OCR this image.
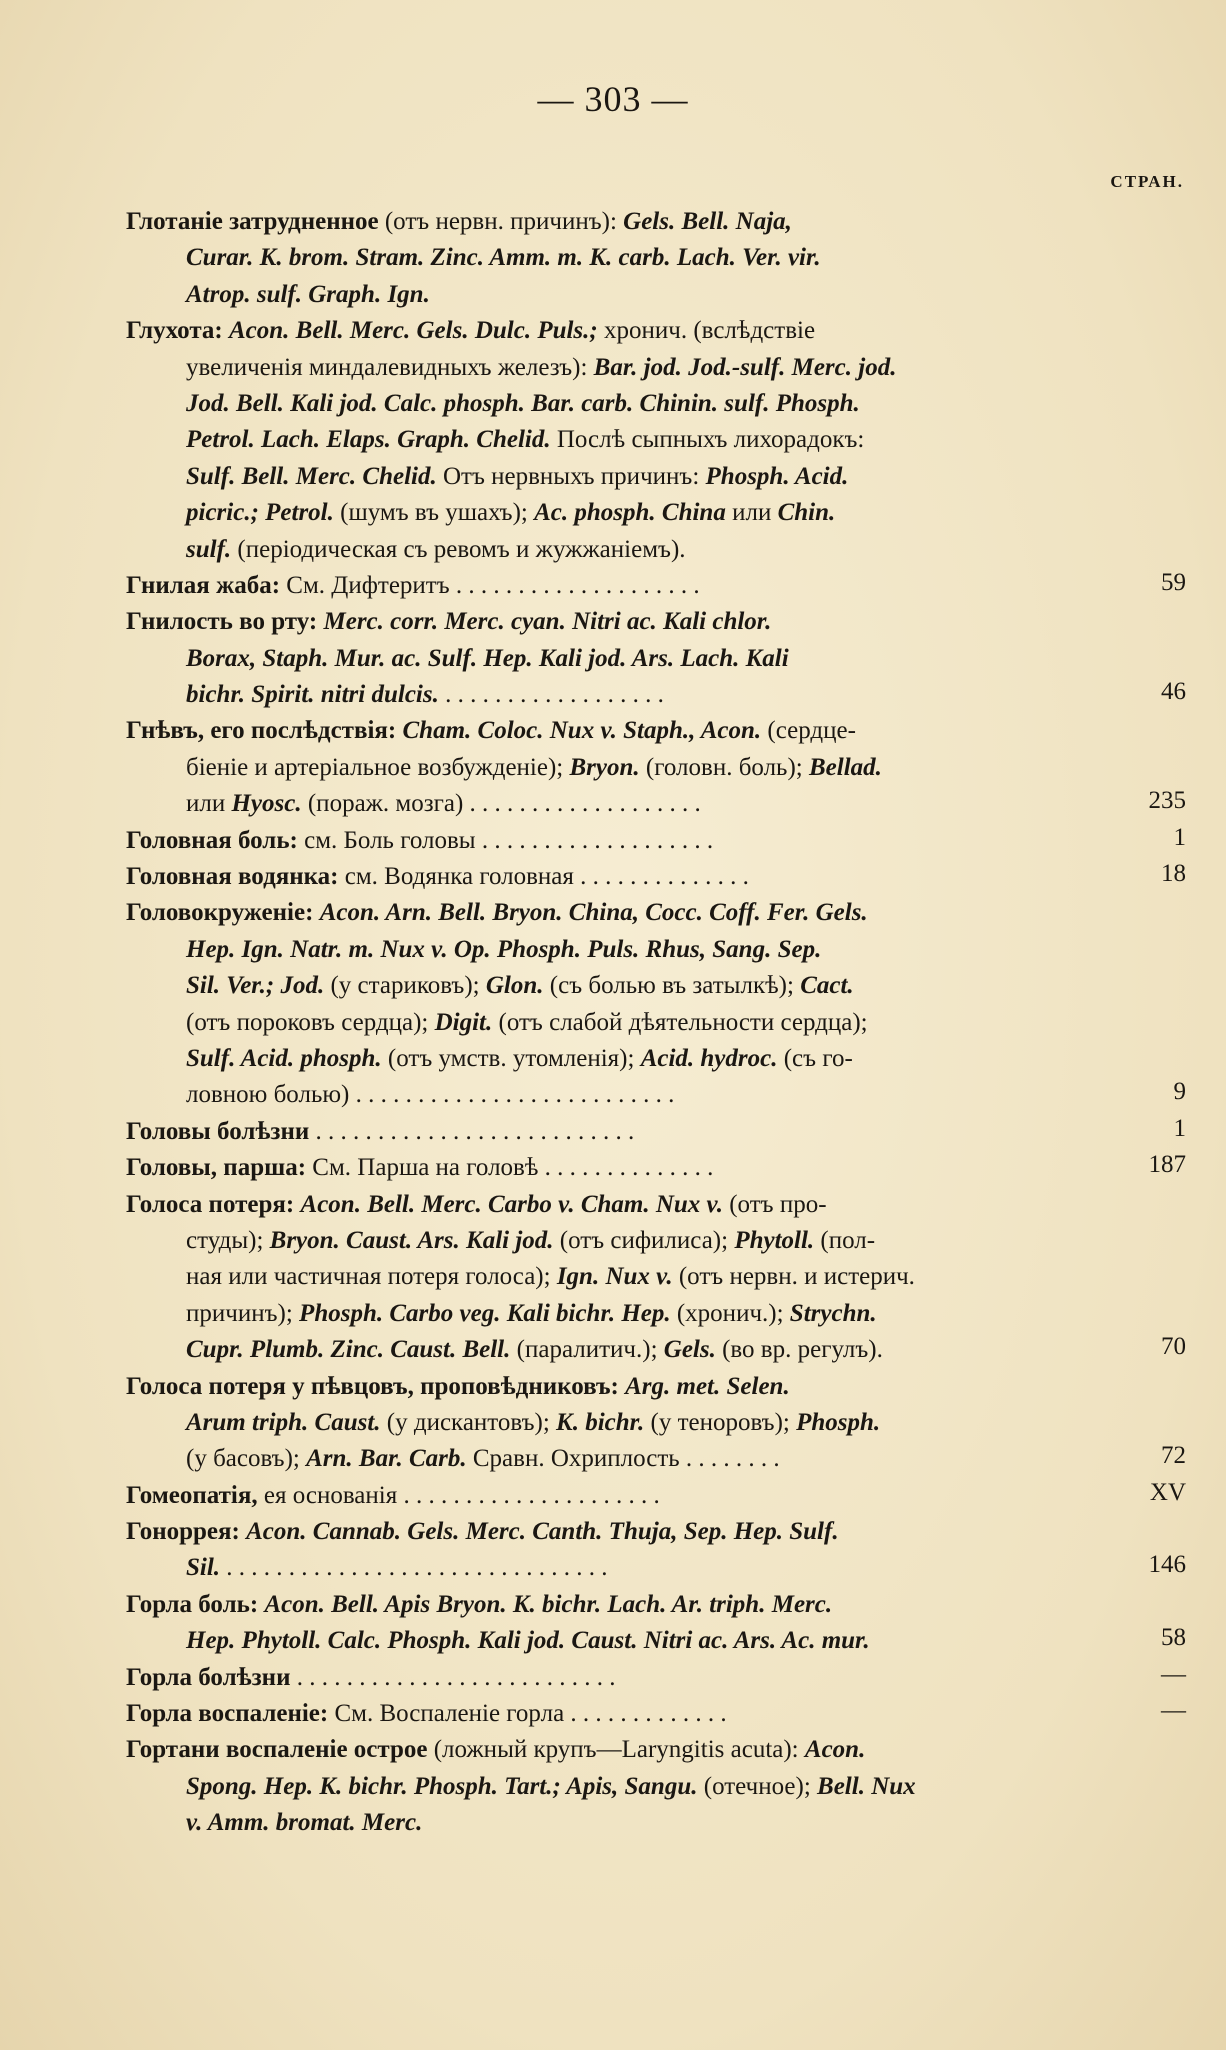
— 303 —
СТРАН.
Глотаніе затрудненное (отъ нервн. причинъ): Gels. Bell. Naja,
Curar. K. brom. Stram. Zinc. Amm. m. K. carb. Lach. Ver. vir.
Atrop. sulf. Graph. Ign.
Глухота: Acon. Bell. Merc. Gels. Dulc. Puls.; хронич. (вслѣдствіе
увеличенія миндалевидныхъ железъ): Bar. jod. Jod.-sulf. Merc. jod.
Jod. Bell. Kali jod. Calc. phosph. Bar. carb. Chinin. sulf. Phosph.
Petrol. Lach. Elaps. Graph. Chelid. Послѣ сыпныхъ лихорадокъ:
Sulf. Bell. Merc. Chelid. Отъ нервныхъ причинъ: Phosph. Acid.
picric.; Petrol. (шумъ въ ушахъ); Ac. phosph. China или Chin.
sulf. (періодическая съ ревомъ и жужжаніемъ).
Гнилая жаба: См. Дифтеритъ . . . . . . . . . . . . . . . . . . . .	59
Гнилость во рту: Merc. corr. Merc. cyan. Nitri ac. Kali chlor.
Borax, Staph. Mur. ac. Sulf. Hep. Kali jod. Ars. Lach. Kali
bichr. Spirit. nitri dulcis. . . . . . . . . . . . . . . . . . .	46
Гнѣвъ, его послѣдствія: Cham. Coloc. Nux v. Staph., Acon. (сердце-
біеніе и артеріальное возбужденіе); Bryon. (головн. боль); Bellad.
или Hyosc. (пораж. мозга) . . . . . . . . . . . . . . . . . . .	235
Головная боль: см. Боль головы . . . . . . . . . . . . . . . . . . .	1
Головная водянка: см. Водянка головная . . . . . . . . . . . . . .	18
Головокруженіе: Acon. Arn. Bell. Bryon. China, Cocc. Coff. Fer. Gels.
Hep. Ign. Natr. m. Nux v. Op. Phosph. Puls. Rhus, Sang. Sep.
Sil. Ver.; Jod. (у стариковъ); Glon. (съ болью въ затылкѣ); Cact.
(отъ пороковъ сердца); Digit. (отъ слабой дѣятельности сердца);
Sulf. Acid. phosph. (отъ умств. утомленія); Acid. hydroc. (съ го-
ловною болью) . . . . . . . . . . . . . . . . . . . . . . . . . .	9
Головы болѣзни . . . . . . . . . . . . . . . . . . . . . . . . . .	1
Головы, парша: См. Парша на головѣ . . . . . . . . . . . . . .	187
Голоса потеря: Acon. Bell. Merc. Carbo v. Cham. Nux v. (отъ про-
студы); Bryon. Caust. Ars. Kali jod. (отъ сифилиса); Phytoll. (пол-
ная или частичная потеря голоса); Ign. Nux v. (отъ нервн. и истерич.
причинъ); Phosph. Carbo veg. Kali bichr. Hep. (хронич.); Strychn.
Cupr. Plumb. Zinc. Caust. Bell. (паралитич.); Gels. (во вр. регулъ).	70
Голоса потеря у пѣвцовъ, проповѣдниковъ: Arg. met. Selen.
Arum triph. Caust. (у дискантовъ); K. bichr. (у теноровъ); Phosph.
(у басовъ); Arn. Bar. Carb. Сравн. Охриплость . . . . . . . .	72
Гомеопатія, ея основанія . . . . . . . . . . . . . . . . . . . . .	XV
Гоноррея: Acon. Cannab. Gels. Merc. Canth. Thuja, Sep. Hep. Sulf.
Sil. . . . . . . . . . . . . . . . . . . . . . . . . . . . . . . .	146
Горла боль: Acon. Bell. Apis Bryon. K. bichr. Lach. Ar. triph. Merc.
Hep. Phytoll. Calc. Phosph. Kali jod. Caust. Nitri ac. Ars. Ac. mur.	58
Горла болѣзни . . . . . . . . . . . . . . . . . . . . . . . . . .	—
Горла воспаленіе: См. Воспаленіе горла . . . . . . . . . . . . .	—
Гортани воспаленіе острое (ложный крупъ—Laryngitis acuta): Acon.
Spong. Hep. K. bichr. Phosph. Tart.; Apis, Sangu. (отечное); Bell. Nux
v. Amm. bromat. Merc.
